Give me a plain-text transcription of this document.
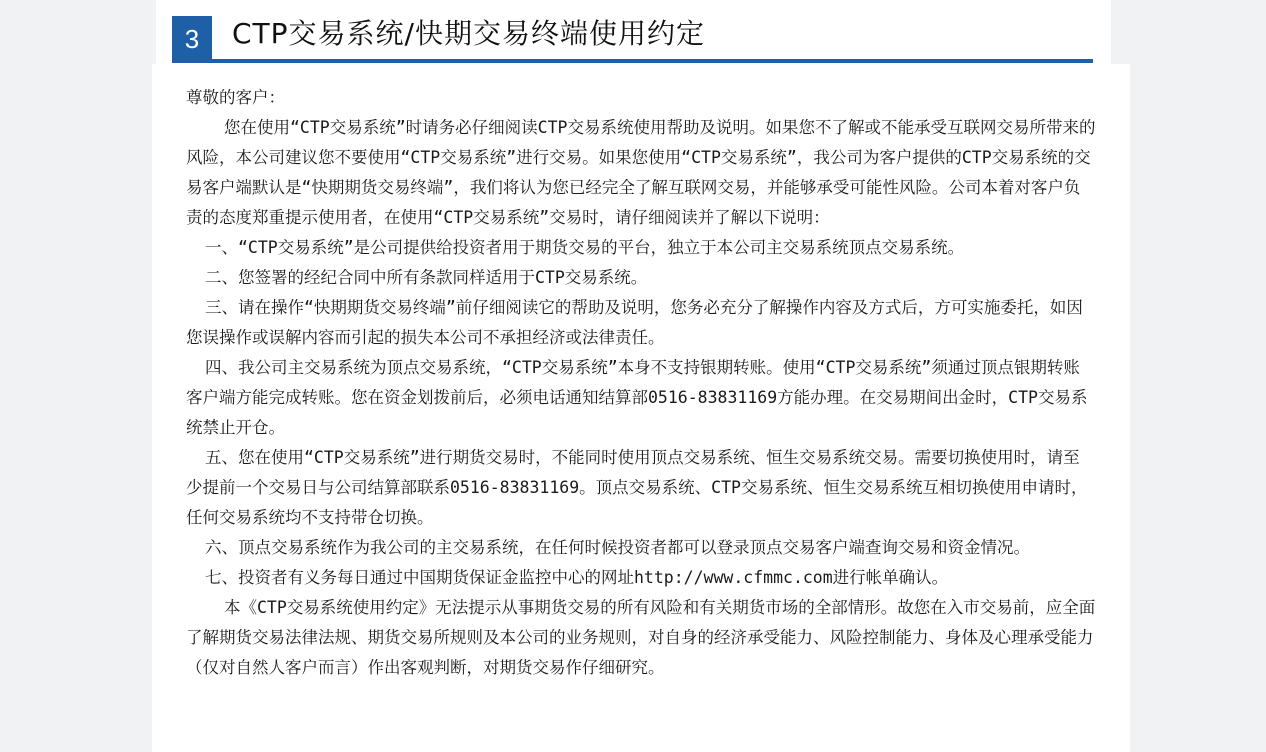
3	CTP交易系统/快期交易终端使用约定

尊敬的客户：

您在使用“CTP交易系统”时请务必仔细阅读CTP交易系统使用帮助及说明。如果您不了解或不能承受互联网交易所带来的风险，本公司建议您不要使用“CTP交易系统”进行交易。如果您使用“CTP交易系统”，我公司为客户提供的CTP交易系统的交易客户端默认是“快期期货交易终端”，我们将认为您已经完全了解互联网交易，并能够承受可能性风险。公司本着对客户负责的态度郑重提示使用者，在使用“CTP交易系统”交易时，请仔细阅读并了解以下说明：

一、“CTP交易系统”是公司提供给投资者用于期货交易的平台，独立于本公司主交易系统顶点交易系统。

二、您签署的经纪合同中所有条款同样适用于CTP交易系统。

三、请在操作“快期期货交易终端”前仔细阅读它的帮助及说明，您务必充分了解操作内容及方式后，方可实施委托，如因您误操作或误解内容而引起的损失本公司不承担经济或法律责任。

四、我公司主交易系统为顶点交易系统，“CTP交易系统”本身不支持银期转账。使用“CTP交易系统”须通过顶点银期转账客户端方能完成转账。您在资金划拨前后，必须电话通知结算部0516-83831169方能办理。在交易期间出金时，CTP交易系统禁止开仓。

五、您在使用“CTP交易系统”进行期货交易时，不能同时使用顶点交易系统、恒生交易系统交易。需要切换使用时，请至少提前一个交易日与公司结算部联系0516-83831169。顶点交易系统、CTP交易系统、恒生交易系统互相切换使用申请时，任何交易系统均不支持带仓切换。

六、顶点交易系统作为我公司的主交易系统，在任何时候投资者都可以登录顶点交易客户端查询交易和资金情况。

七、投资者有义务每日通过中国期货保证金监控中心的网址http://www.cfmmc.com进行帐单确认。

本《CTP交易系统使用约定》无法提示从事期货交易的所有风险和有关期货市场的全部情形。故您在入市交易前，应全面了解期货交易法律法规、期货交易所规则及本公司的业务规则，对自身的经济承受能力、风险控制能力、身体及心理承受能力（仅对自然人客户而言）作出客观判断，对期货交易作仔细研究。
